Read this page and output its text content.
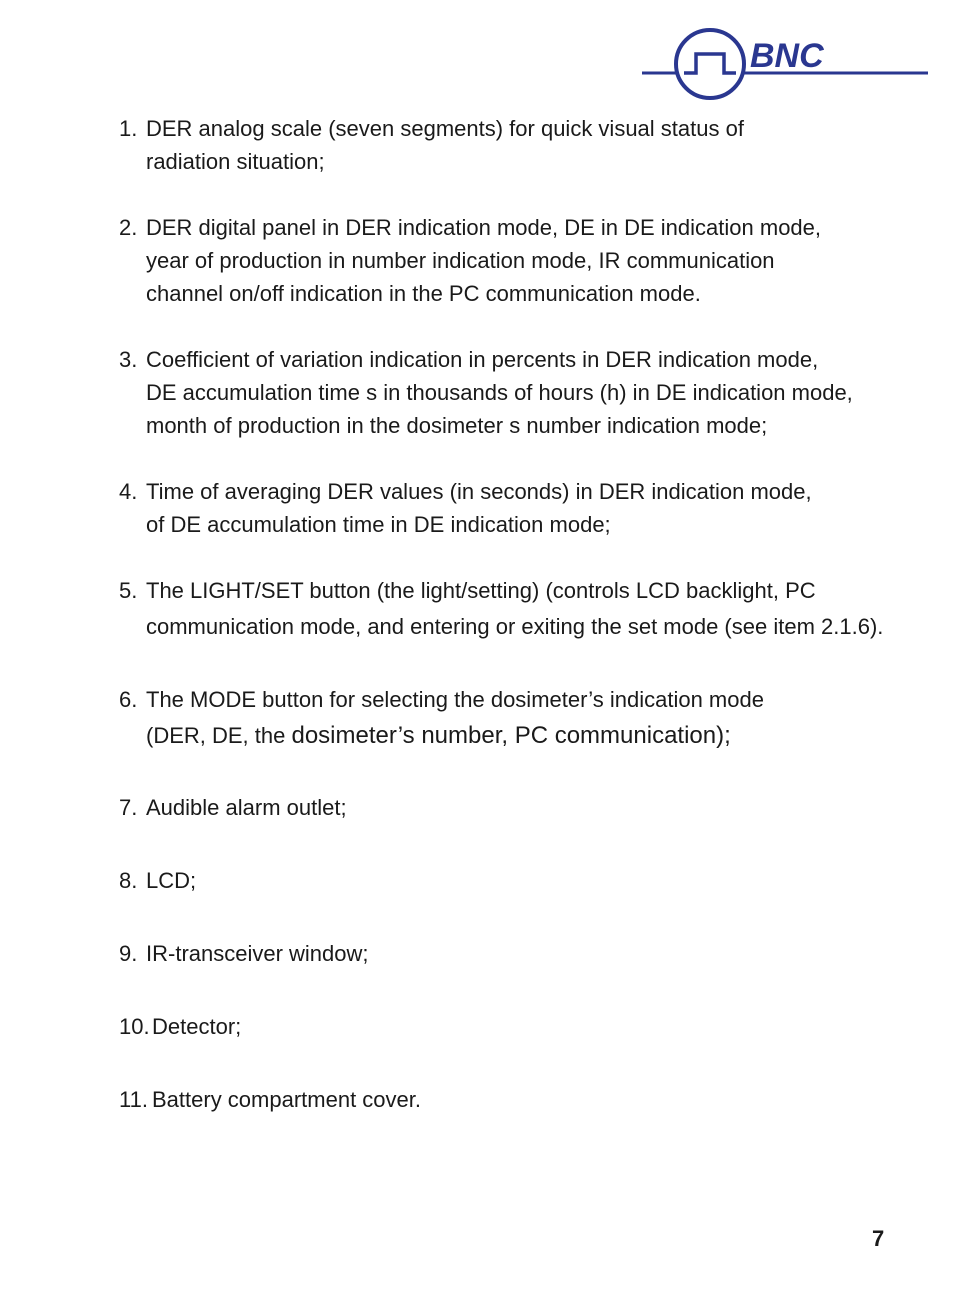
BNC
1. DER analog scale (seven segments) for quick visual status of
radiation situation;
2. DER digital panel in DER indication mode, DE in DE indication mode,
year of production in number indication mode, IR communication
channel on/off indication in the PC communication mode.
3. Coefficient of variation indication in percents in DER indication mode,
DE accumulation time s in thousands of hours (h) in DE indication mode,
month of production in the dosimeter s number indication mode;
4. Time of averaging DER values (in seconds) in DER indication mode,
of DE accumulation time in DE indication mode;
5. The LIGHT/SET button (the light/setting) (controls LCD backlight, PC
communication mode, and entering or exiting the set mode (see item 2.1.6).
6. The MODE button for selecting the dosimeter’s indication mode
(DER, DE, the dosimeter’s number, PC communication);
7. Audible alarm outlet;
8. LCD;
9. IR-transceiver window;
10. Detector;
11. Battery compartment cover.
7
